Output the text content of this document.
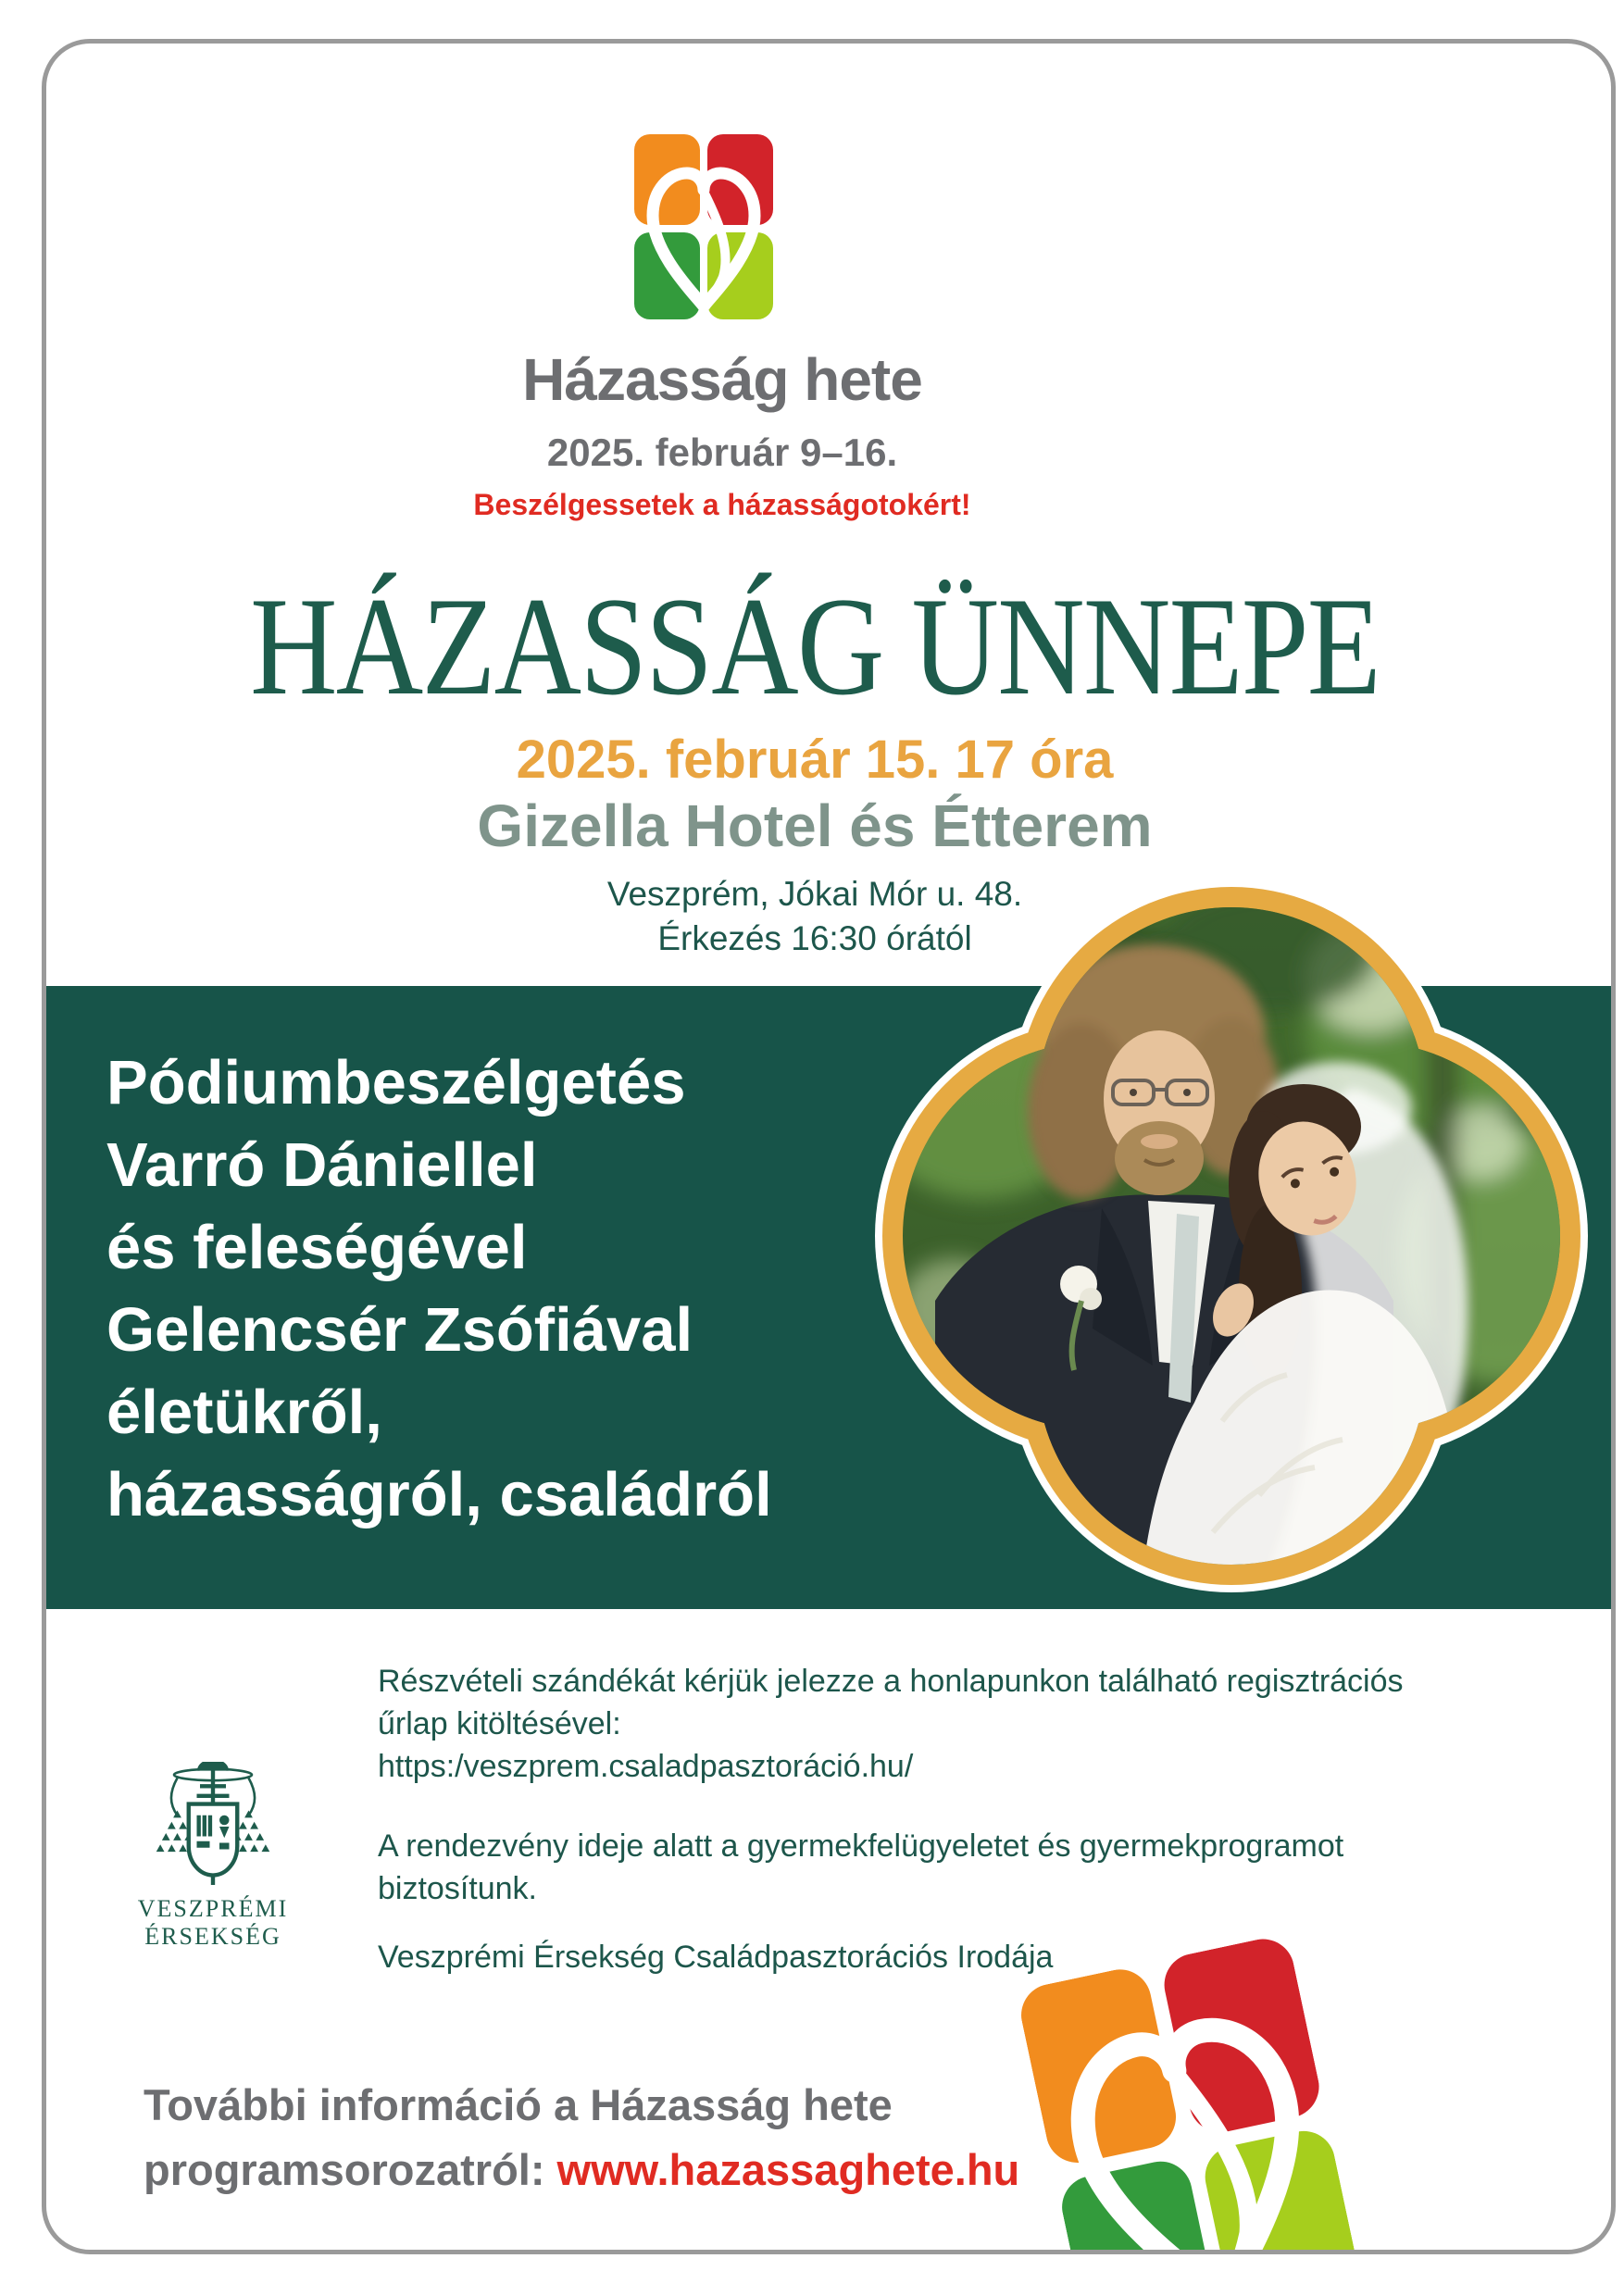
Házasság hete
2025. február 9–16.
Beszélgessetek a házasságotokért!
HÁZASSÁG ÜNNEPE
2025. február 15. 17 óra
Gizella Hotel és Étterem
Veszprém, Jókai Mór u. 48.
Érkezés 16:30 órától
Pódiumbeszélgetés
Varró Dániellel
és feleségével
Gelencsér Zsófiával
életükről,
házasságról, családról
Részvételi szándékát kérjük jelezze a honlapunkon található regisztrációs
űrlap kitöltésével:
https:/veszprem.csaladpasztoráció.hu/
A rendezvény ideje alatt a gyermekfelügyeletet és gyermekprogramot
biztosítunk.
Veszprémi Érsekség Családpasztorációs Irodája
VESZPRÉMI ÉRSEKSÉG
További információ a Házasság hete
programsorozatról: www.hazassaghete.hu
